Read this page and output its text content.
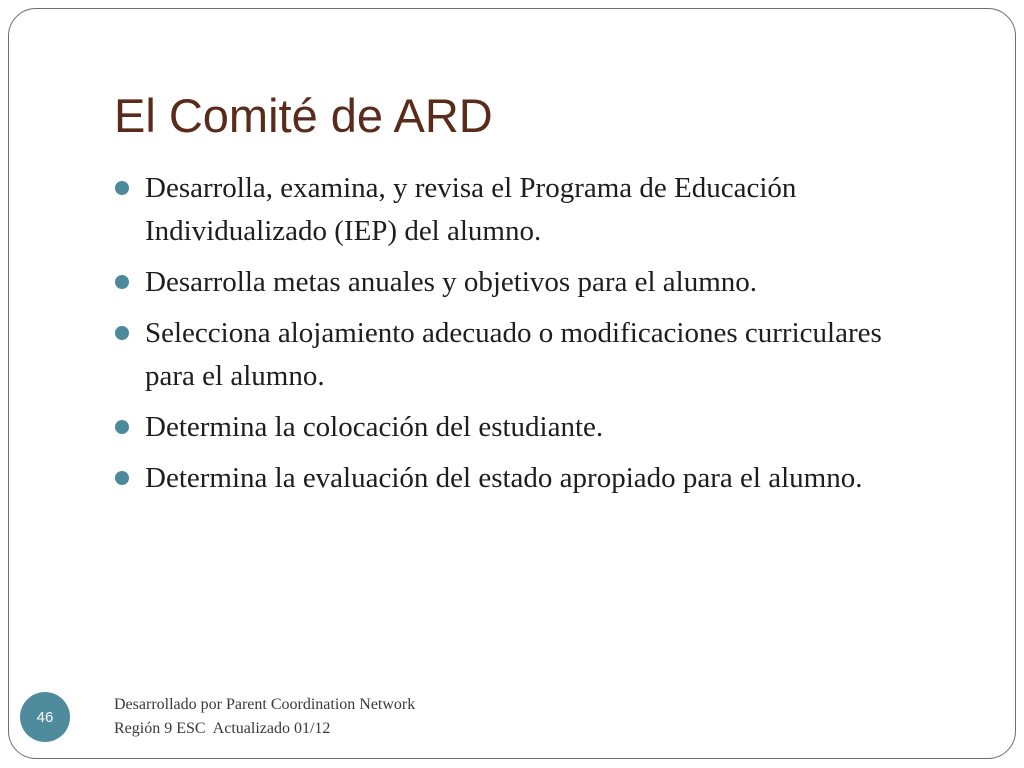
El Comité de ARD
Desarrolla, examina, y revisa el Programa de Educación Individualizado (IEP) del alumno.
Desarrolla metas anuales y objetivos para el alumno.
Selecciona alojamiento adecuado o modificaciones curriculares para el alumno.
Determina la colocación del estudiante.
Determina la evaluación del estado apropiado para el alumno.
46
Desarrollado por Parent Coordination Network
Región 9 ESC  Actualizado 01/12
